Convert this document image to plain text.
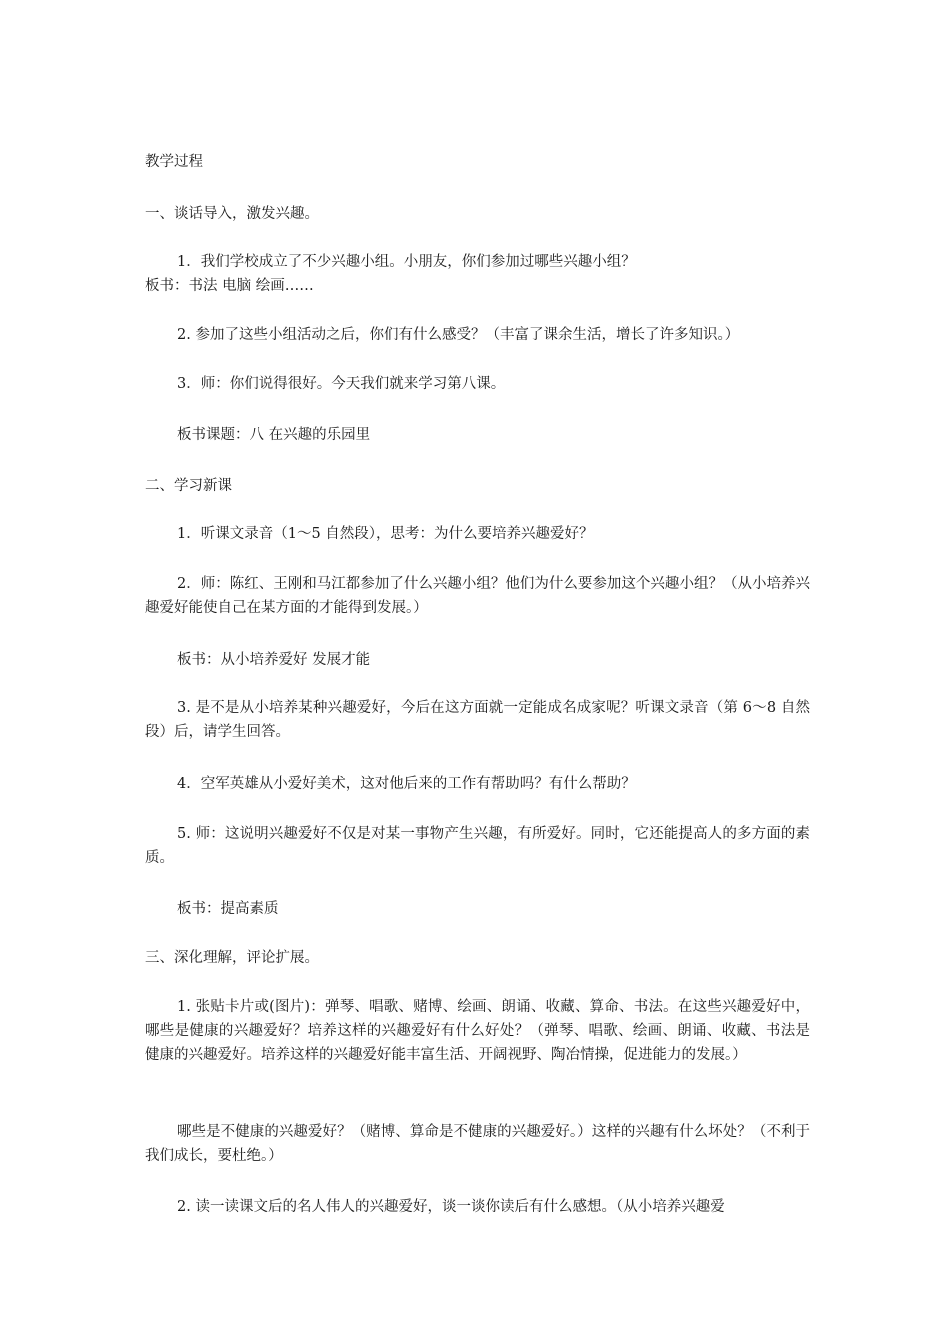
教学过程

一、谈话导入，激发兴趣。

1．我们学校成立了不少兴趣小组。小朋友，你们参加过哪些兴趣小组？

板书：书法 电脑 绘画……

2. 参加了这些小组活动之后，你们有什么感受？（丰富了课余生活，增长了许多知识。）

3．师：你们说得很好。今天我们就来学习第八课。

板书课题：八 在兴趣的乐园里

二、学习新课

1．听课文录音（1～5 自然段），思考：为什么要培养兴趣爱好？

2．师：陈红、王刚和马江都参加了什么兴趣小组？他们为什么要参加这个兴趣小组？（从小培养兴趣爱好能使自己在某方面的才能得到发展。）

板书：从小培养爱好 发展才能

3. 是不是从小培养某种兴趣爱好，今后在这方面就一定能成名成家呢？听课文录音（第 6～8 自然段）后，请学生回答。

4．空军英雄从小爱好美术，这对他后来的工作有帮助吗？有什么帮助？

5. 师：这说明兴趣爱好不仅是对某一事物产生兴趣，有所爱好。同时，它还能提高人的多方面的素质。

板书：提高素质

三、深化理解，评论扩展。

1. 张贴卡片或(图片)：弹琴、唱歌、赌博、绘画、朗诵、收藏、算命、书法。在这些兴趣爱好中，哪些是健康的兴趣爱好？培养这样的兴趣爱好有什么好处？（弹琴、唱歌、绘画、朗诵、收藏、书法是健康的兴趣爱好。培养这样的兴趣爱好能丰富生活、开阔视野、陶冶情操，促进能力的发展。）

哪些是不健康的兴趣爱好？（赌博、算命是不健康的兴趣爱好。）这样的兴趣有什么坏处？（不利于我们成长，要杜绝。）

2. 读一读课文后的名人伟人的兴趣爱好，谈一谈你读后有什么感想。（从小培养兴趣爱
